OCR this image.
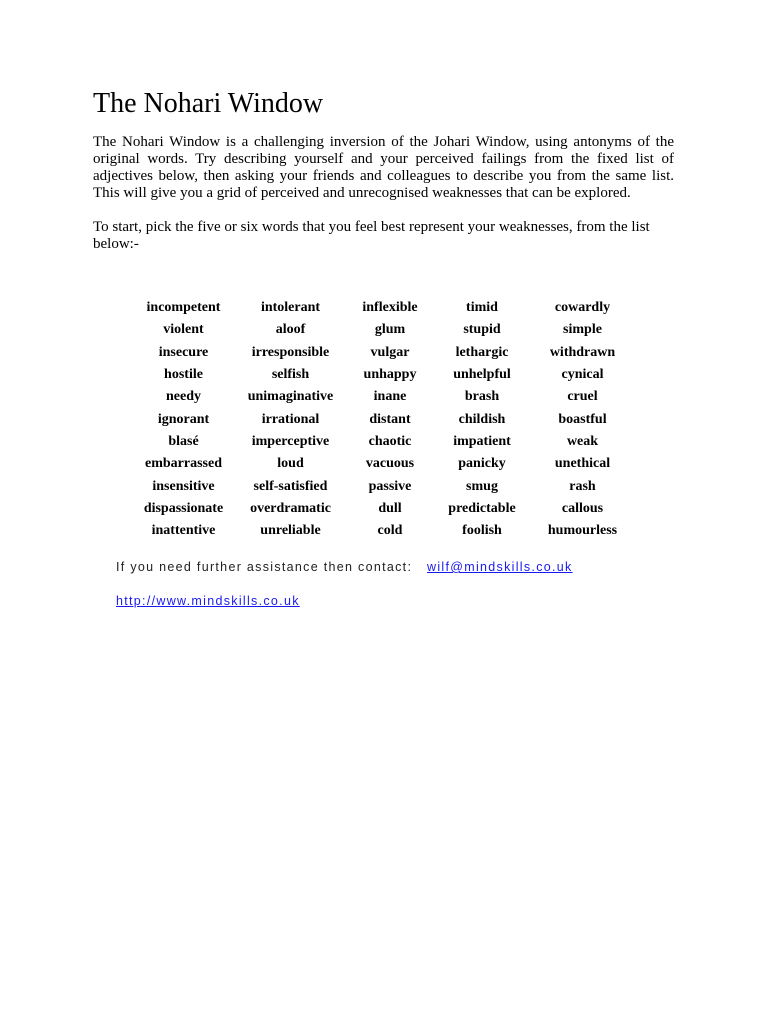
The Nohari Window

The Nohari Window is a challenging inversion of the Johari Window, using antonyms of the original words. Try describing yourself and your perceived failings from the fixed list of adjectives below, then asking your friends and colleagues to describe you from the same list. This will give you a grid of perceived and unrecognised weaknesses that can be explored.

To start, pick the five or six words that you feel best represent your weaknesses, from the list below:-

incompetent	intolerant	inflexible	timid	cowardly
violent	aloof	glum	stupid	simple
insecure	irresponsible	vulgar	lethargic	withdrawn
hostile	selfish	unhappy	unhelpful	cynical
needy	unimaginative	inane	brash	cruel
ignorant	irrational	distant	childish	boastful
blasé	imperceptive	chaotic	impatient	weak
embarrassed	loud	vacuous	panicky	unethical
insensitive	self-satisfied	passive	smug	rash
dispassionate	overdramatic	dull	predictable	callous
inattentive	unreliable	cold	foolish	humourless

If you need further assistance then contact: wilf@mindskills.co.uk

http://www.mindskills.co.uk
